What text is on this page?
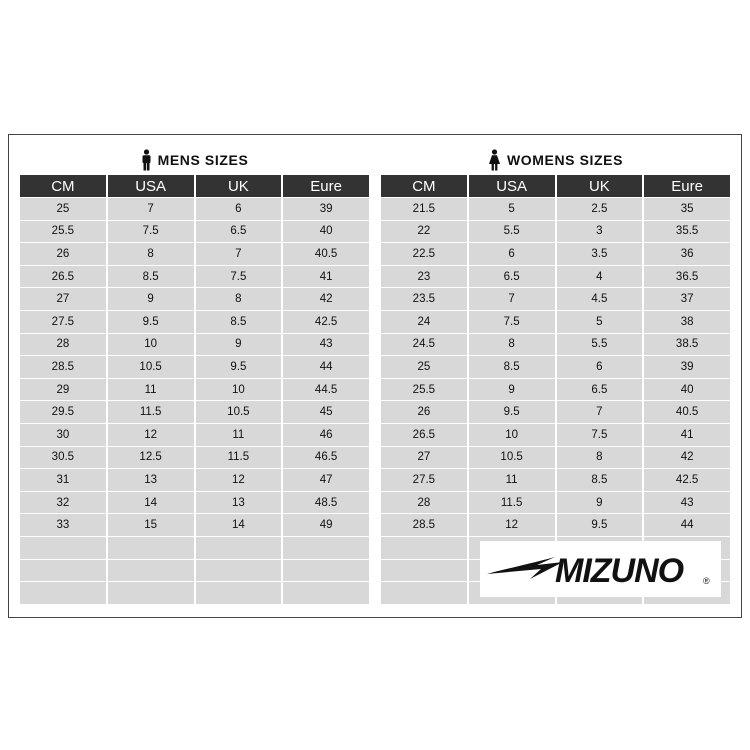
MENS SIZES
CM	USA	UK	Eure
25	7	6	39
25.5	7.5	6.5	40
26	8	7	40.5
26.5	8.5	7.5	41
27	9	8	42
27.5	9.5	8.5	42.5
28	10	9	43
28.5	10.5	9.5	44
29	11	10	44.5
29.5	11.5	10.5	45
30	12	11	46
30.5	12.5	11.5	46.5
31	13	12	47
32	14	13	48.5
33	15	14	49
WOMENS SIZES
CM	USA	UK	Eure
21.5	5	2.5	35
22	5.5	3	35.5
22.5	6	3.5	36
23	6.5	4	36.5
23.5	7	4.5	37
24	7.5	5	38
24.5	8	5.5	38.5
25	8.5	6	39
25.5	9	6.5	40
26	9.5	7	40.5
26.5	10	7.5	41
27	10.5	8	42
27.5	11	8.5	42.5
28	11.5	9	43
28.5	12	9.5	44
MIZUNO ®
